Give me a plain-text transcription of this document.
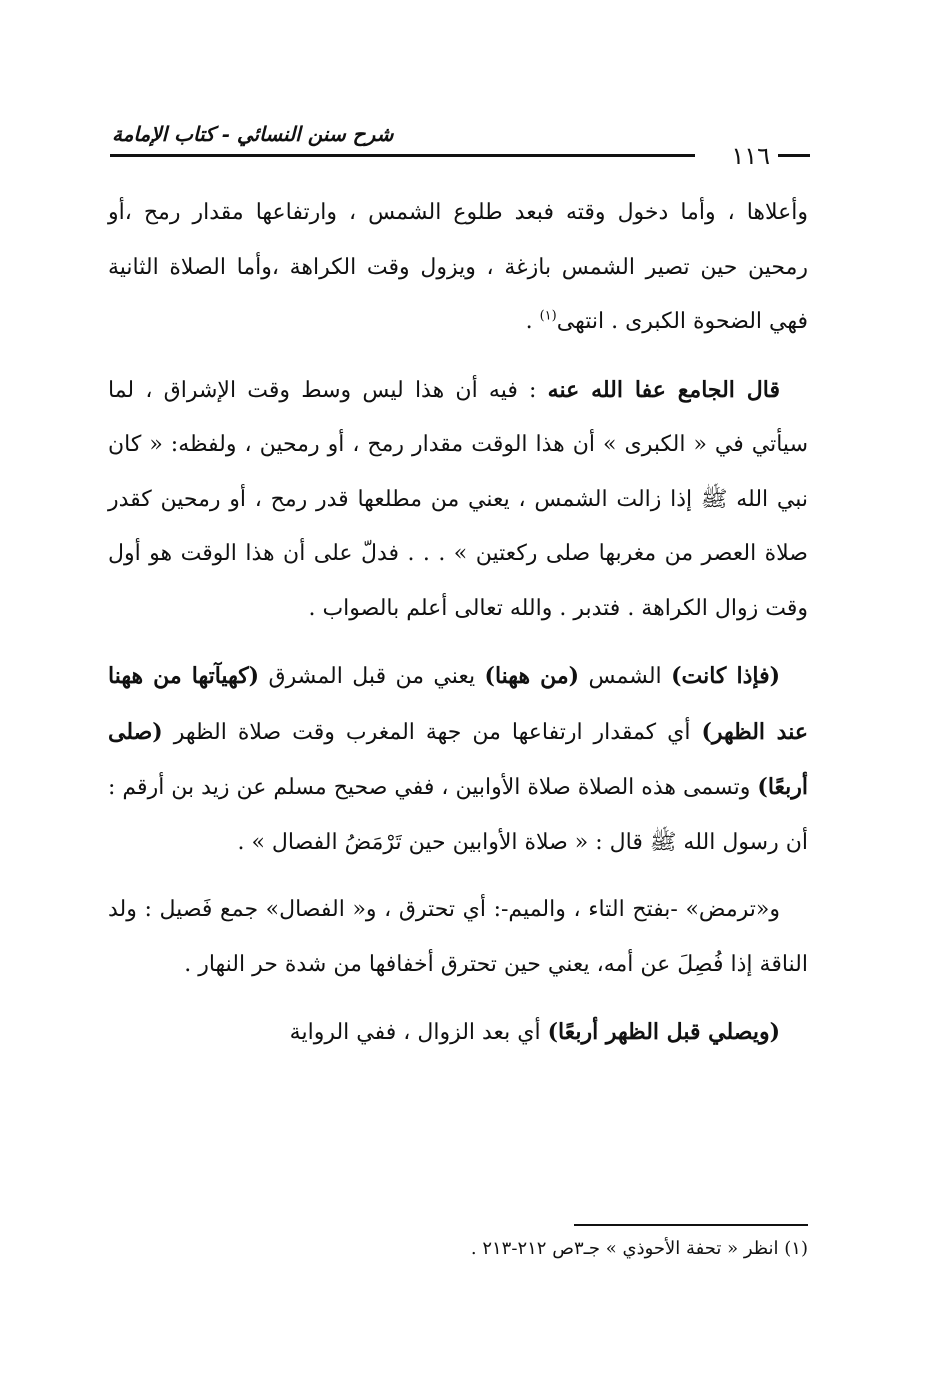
شرح سنن النسائي - كتاب الإمامة
١١٦

وأعلاها ، وأما دخول وقته فبعد طلوع الشمس ، وارتفاعها مقدار رمح ،أو رمحين حين تصير الشمس بازغة ، ويزول وقت الكراهة ،وأما الصلاة الثانية فهي الضحوة الكبرى . انتهى$^{(١)}$ .

قال الجامع عفا الله عنه : فيه أن هذا ليس وسط وقت الإشراق ، لما سيأتي في « الكبرى » أن هذا الوقت مقدار رمح ، أو رمحين ، ولفظه: « كان نبي الله ﷺ إذا زالت الشمس ، يعني من مطلعها قدر رمح ، أو رمحين كقدر صلاة العصر من مغربها صلى ركعتين » . . . فدلّ على أن هذا الوقت هو أول وقت زوال الكراهة . فتدبر . والله تعالى أعلم بالصواب .

(فإذا كانت) الشمس (من ههنا) يعني من قبل المشرق (كهيآتها من ههنا عند الظهر) أي كمقدار ارتفاعها من جهة المغرب وقت صلاة الظهر (صلى أربعًا) وتسمى هذه الصلاة صلاة الأوابين ، ففي صحيح مسلم عن زيد بن أرقم : أن رسول الله ﷺ قال : « صلاة الأوابين حين تَرْمَضُ الفصال » .

و«ترمض» -بفتح التاء ، والميم-: أي تحترق ، و« الفصال» جمع فَصيل : ولد الناقة إذا فُصِلَ عن أمه، يعني حين تحترق أخفافها من شدة حر النهار .

(ويصلي قبل الظهر أربعًا) أي بعد الزوال ، ففي الرواية

(١) انظر « تحفة الأحوذي » جـ٣ص ٢١٢-٢١٣ .
